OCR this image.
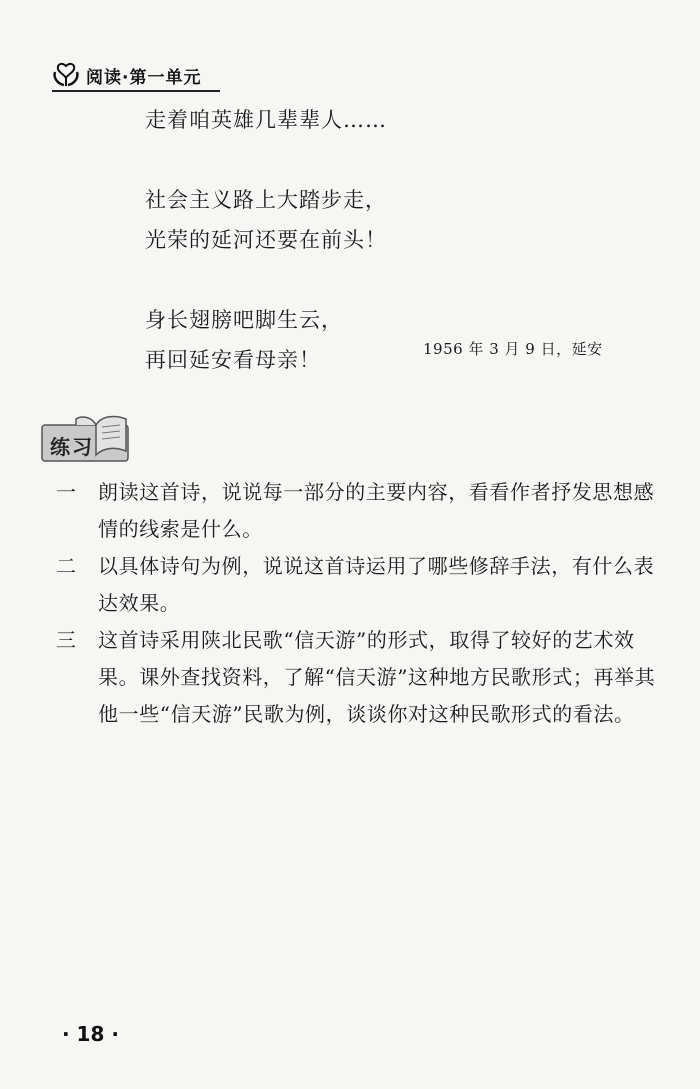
阅读·第一单元
走着咱英雄几辈辈人……
社会主义路上大踏步走，
光荣的延河还要在前头！
身长翅膀吧脚生云，
再回延安看母亲！	1956 年 3 月 9 日，延安
练习
一	朗读这首诗，说说每一部分的主要内容，看看作者抒发思想感情的线索是什么。
二	以具体诗句为例，说说这首诗运用了哪些修辞手法，有什么表达效果。
三	这首诗采用陕北民歌“信天游”的形式，取得了较好的艺术效果。课外查找资料，了解“信天游”这种地方民歌形式；再举其他一些“信天游”民歌为例，谈谈你对这种民歌形式的看法。
· 18 ·
